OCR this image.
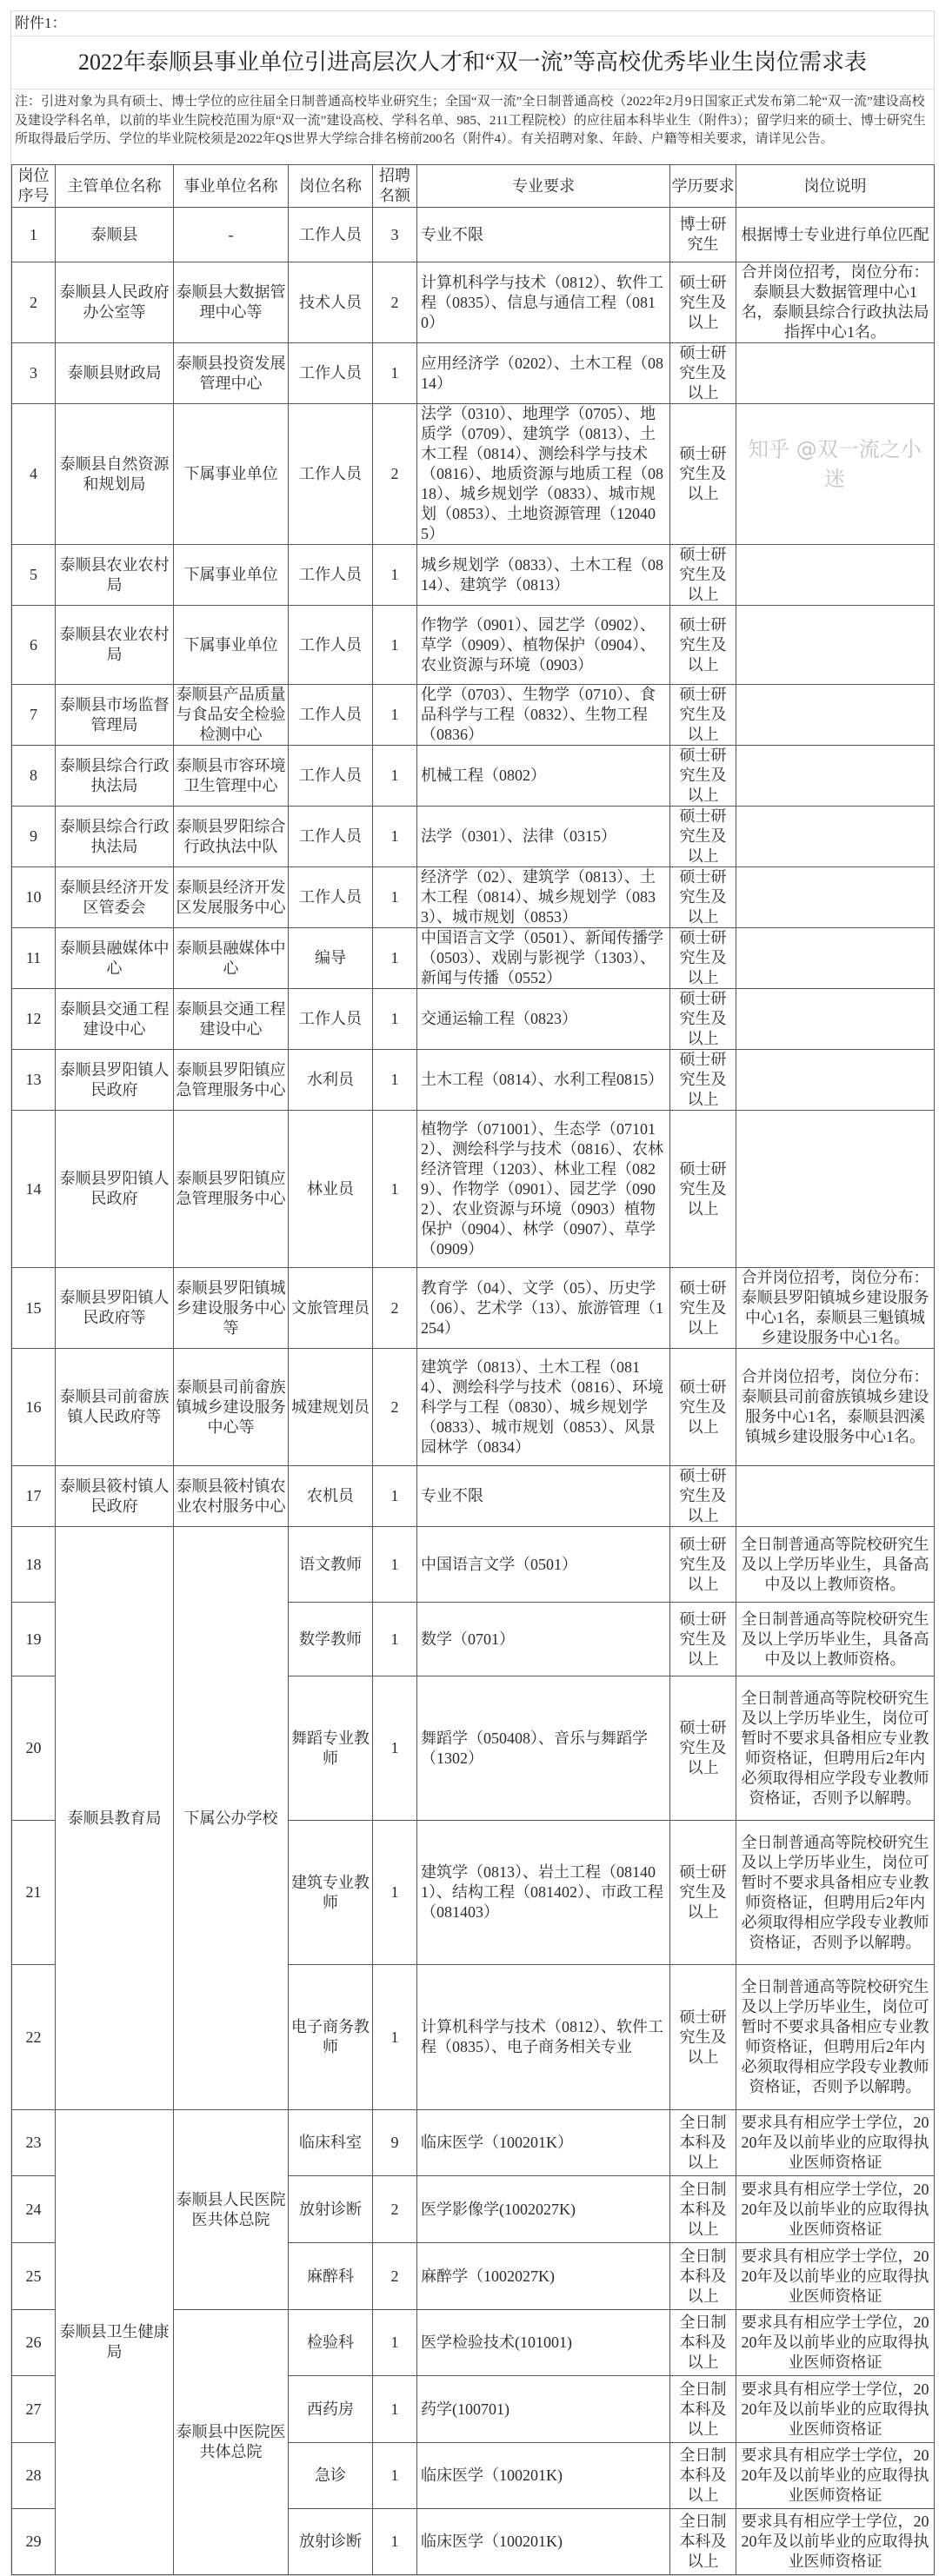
附件1：
2022年泰顺县事业单位引进高层次人才和“双一流”等高校优秀毕业生岗位需求表
注：引进对象为具有硕士、博士学位的应往届全日制普通高校毕业研究生；全国“双一流”全日制普通高校（2022年2月9日国家正式发布第二轮“双一流”建设高校及建设学科名单，以前的毕业生院校范围为原“双一流”建设高校、学科名单、985、211工程院校）的应往届本科毕业生（附件3）；留学归来的硕士、博士研究生所取得最后学历、学位的毕业院校须是2022年QS世界大学综合排名榜前200名（附件4）。有关招聘对象、年龄、户籍等相关要求，请详见公告。
岗位序号	主管单位名称	事业单位名称	岗位名称	招聘名额	专业要求	学历要求	岗位说明
1	泰顺县	-	工作人员	3	专业不限	博士研究生	根据博士专业进行单位匹配
2	泰顺县人民政府办公室等	泰顺县大数据管理中心等	技术人员	2	计算机科学与技术（0812）、软件工程（0835）、信息与通信工程（0810）	硕士研究生及以上	合并岗位招考，岗位分布：泰顺县大数据管理中心1名，泰顺县综合行政执法局指挥中心1名。
3	泰顺县财政局	泰顺县投资发展管理中心	工作人员	1	应用经济学（0202）、土木工程（0814）	硕士研究生及以上	
4	泰顺县自然资源和规划局	下属事业单位	工作人员	2	法学（0310）、地理学（0705）、地质学（0709）、建筑学（0813）、土木工程（0814）、测绘科学与技术（0816）、地质资源与地质工程（0818）、城乡规划学（0833）、城市规划（0853）、土地资源管理（120405）	硕士研究生及以上	
5	泰顺县农业农村局	下属事业单位	工作人员	1	城乡规划学（0833）、土木工程（0814）、建筑学（0813）	硕士研究生及以上	
6	泰顺县农业农村局	下属事业单位	工作人员	1	作物学（0901）、园艺学（0902）、草学（0909）、植物保护（0904）、农业资源与环境（0903）	硕士研究生及以上	
7	泰顺县市场监督管理局	泰顺县产品质量与食品安全检验检测中心	工作人员	1	化学（0703）、生物学（0710）、食品科学与工程（0832）、生物工程（0836）	硕士研究生及以上	
8	泰顺县综合行政执法局	泰顺县市容环境卫生管理中心	工作人员	1	机械工程（0802）	硕士研究生及以上	
9	泰顺县综合行政执法局	泰顺县罗阳综合行政执法中队	工作人员	1	法学（0301）、法律（0315）	硕士研究生及以上	
10	泰顺县经济开发区管委会	泰顺县经济开发区发展服务中心	工作人员	1	经济学（02）、建筑学（0813）、土木工程（0814）、城乡规划学（0833）、城市规划（0853）	硕士研究生及以上	
11	泰顺县融媒体中心	泰顺县融媒体中心	编导	1	中国语言文学（0501）、新闻传播学（0503）、戏剧与影视学（1303）、新闻与传播（0552）	硕士研究生及以上	
12	泰顺县交通工程建设中心	泰顺县交通工程建设中心	工作人员	1	交通运输工程（0823）	硕士研究生及以上	
13	泰顺县罗阳镇人民政府	泰顺县罗阳镇应急管理服务中心	水利员	1	土木工程（0814）、水利工程0815）	硕士研究生及以上	
14	泰顺县罗阳镇人民政府	泰顺县罗阳镇应急管理服务中心	林业员	1	植物学（071001）、生态学（071012）、测绘科学与技术（0816）、农林经济管理（1203）、林业工程（0829）、作物学（0901）、园艺学（0902）、农业资源与环境（0903）植物保护（0904）、林学（0907）、草学（0909）	硕士研究生及以上	
15	泰顺县罗阳镇人民政府等	泰顺县罗阳镇城乡建设服务中心等	文旅管理员	2	教育学（04）、文学（05）、历史学（06）、艺术学（13）、旅游管理（1254）	硕士研究生及以上	合并岗位招考，岗位分布：泰顺县罗阳镇城乡建设服务中心1名，泰顺县三魁镇城乡建设服务中心1名。
16	泰顺县司前畲族镇人民政府等	泰顺县司前畲族镇城乡建设服务中心等	城建规划员	2	建筑学（0813）、土木工程（0814）、测绘科学与技术（0816）、环境科学与工程（0830）、城乡规划学（0833）、城市规划（0853）、风景园林学（0834）	硕士研究生及以上	合并岗位招考，岗位分布：泰顺县司前畲族镇城乡建设服务中心1名，泰顺县泗溪镇城乡建设服务中心1名。
17	泰顺县筱村镇人民政府	泰顺县筱村镇农业农村服务中心	农机员	1	专业不限	硕士研究生及以上	
18	泰顺县教育局	下属公办学校	语文教师	1	中国语言文学（0501）	硕士研究生及以上	全日制普通高等院校研究生及以上学历毕业生，具备高中及以上教师资格。
19			数学教师	1	数学（0701）	硕士研究生及以上	全日制普通高等院校研究生及以上学历毕业生，具备高中及以上教师资格。
20			舞蹈专业教师	1	舞蹈学（050408）、音乐与舞蹈学（1302）	硕士研究生及以上	全日制普通高等院校研究生及以上学历毕业生，岗位可暂时不要求具备相应专业教师资格证，但聘用后2年内必须取得相应学段专业教师资格证，否则予以解聘。
21			建筑专业教师	1	建筑学（0813）、岩土工程（081401）、结构工程（081402）、市政工程（081403）	硕士研究生及以上	全日制普通高等院校研究生及以上学历毕业生，岗位可暂时不要求具备相应专业教师资格证，但聘用后2年内必须取得相应学段专业教师资格证，否则予以解聘。
22			电子商务教师	1	计算机科学与技术（0812）、软件工程（0835）、电子商务相关专业	硕士研究生及以上	全日制普通高等院校研究生及以上学历毕业生，岗位可暂时不要求具备相应专业教师资格证，但聘用后2年内必须取得相应学段专业教师资格证，否则予以解聘。
23	泰顺县卫生健康局	泰顺县人民医院医共体总院	临床科室	9	临床医学（100201K）	全日制本科及以上	要求具有相应学士学位，2020年及以前毕业的应取得执业医师资格证
24			放射诊断	2	医学影像学(1002027K)	全日制本科及以上	要求具有相应学士学位，2020年及以前毕业的应取得执业医师资格证
25			麻醉科	2	麻醉学（1002027K)	全日制本科及以上	要求具有相应学士学位，2020年及以前毕业的应取得执业医师资格证
26		泰顺县中医院医共体总院	检验科	1	医学检验技术(101001)	全日制本科及以上	要求具有相应学士学位，2020年及以前毕业的应取得执业医师资格证
27			西药房	1	药学(100701)	全日制本科及以上	要求具有相应学士学位，2020年及以前毕业的应取得执业医师资格证
28			急诊	1	临床医学（100201K)	全日制本科及以上	要求具有相应学士学位，2020年及以前毕业的应取得执业医师资格证
29			放射诊断	1	临床医学（100201K)	全日制本科及以上	要求具有相应学士学位，2020年及以前毕业的应取得执业医师资格证
知乎 @双一流之小迷
